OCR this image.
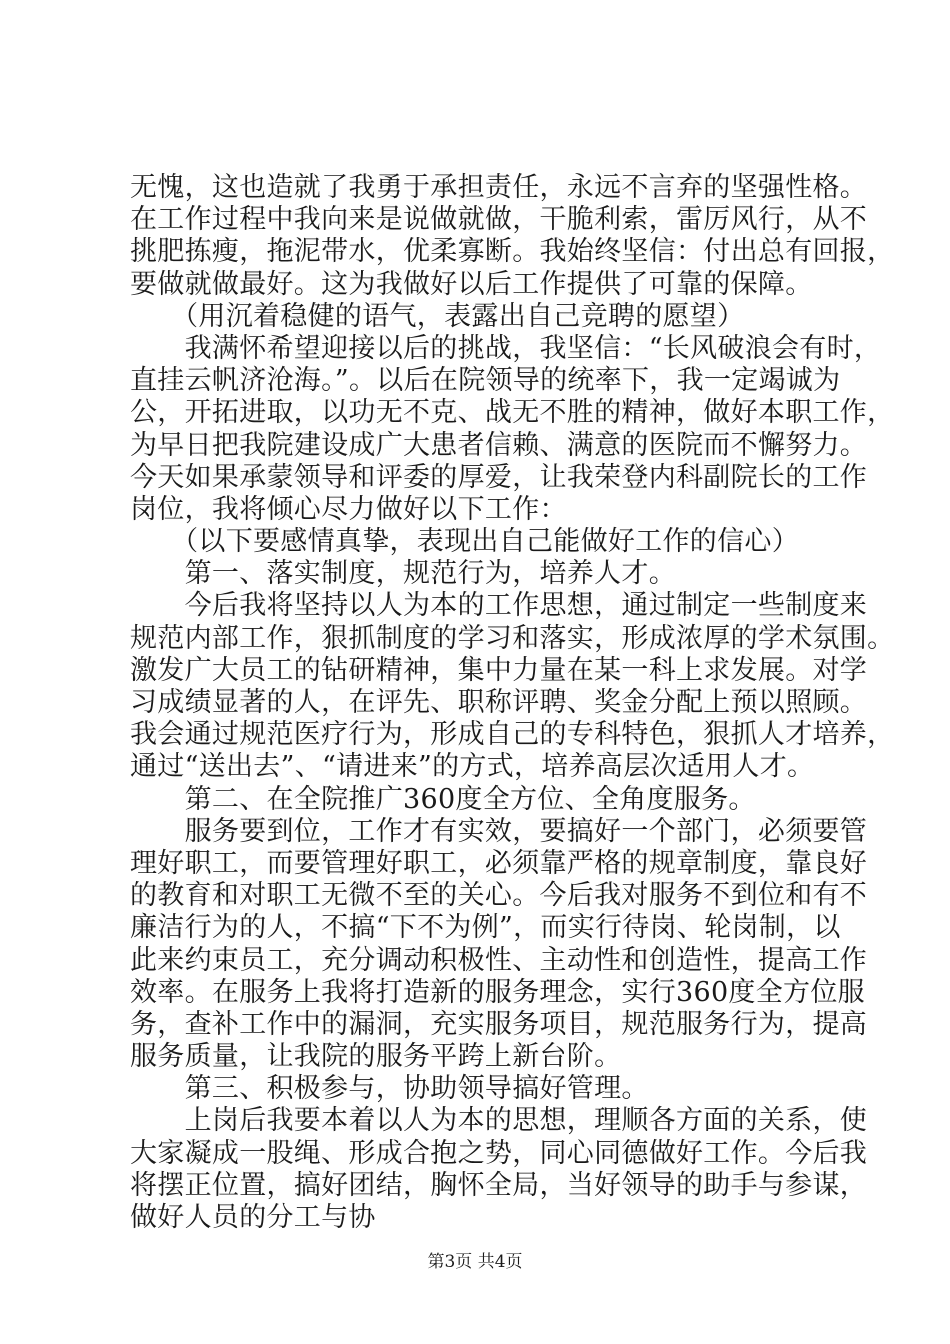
无愧，这也造就了我勇于承担责任，永远不言弃的坚强性格。
在工作过程中我向来是说做就做，干脆利索，雷厉风行，从不
挑肥拣瘦，拖泥带水，优柔寡断。我始终坚信：付出总有回报，
要做就做最好。这为我做好以后工作提供了可靠的保障。
　　（用沉着稳健的语气，表露出自己竞聘的愿望）
　　我满怀希望迎接以后的挑战，我坚信：“长风破浪会有时，
直挂云帆济沧海。”。以后在院领导的统率下，我一定竭诚为
公，开拓进取，以功无不克、战无不胜的精神，做好本职工作，
为早日把我院建设成广大患者信赖、满意的医院而不懈努力。
今天如果承蒙领导和评委的厚爱，让我荣登内科副院长的工作
岗位，我将倾心尽力做好以下工作：
　　（以下要感情真挚，表现出自己能做好工作的信心）
　　第一、落实制度，规范行为，培养人才。
　　今后我将坚持以人为本的工作思想，通过制定一些制度来
规范内部工作，狠抓制度的学习和落实，形成浓厚的学术氛围。
激发广大员工的钻研精神，集中力量在某一科上求发展。对学
习成绩显著的人，在评先、职称评聘、奖金分配上预以照顾。
我会通过规范医疗行为，形成自己的专科特色，狠抓人才培养，
通过“送出去”、“请进来”的方式，培养高层次适用人才。
　　第二、在全院推广360度全方位、全角度服务。
　　服务要到位，工作才有实效，要搞好一个部门，必须要管
理好职工，而要管理好职工，必须靠严格的规章制度，靠良好
的教育和对职工无微不至的关心。今后我对服务不到位和有不
廉洁行为的人，不搞“下不为例”，而实行待岗、轮岗制，以
此来约束员工，充分调动积极性、主动性和创造性，提高工作
效率。在服务上我将打造新的服务理念，实行360度全方位服
务，查补工作中的漏洞，充实服务项目，规范服务行为，提高
服务质量，让我院的服务平跨上新台阶。
　　第三、积极参与，协助领导搞好管理。
　　上岗后我要本着以人为本的思想，理顺各方面的关系，使
大家凝成一股绳、形成合抱之势，同心同德做好工作。今后我
将摆正位置，搞好团结，胸怀全局，当好领导的助手与参谋，
做好人员的分工与协
第3页 共4页
